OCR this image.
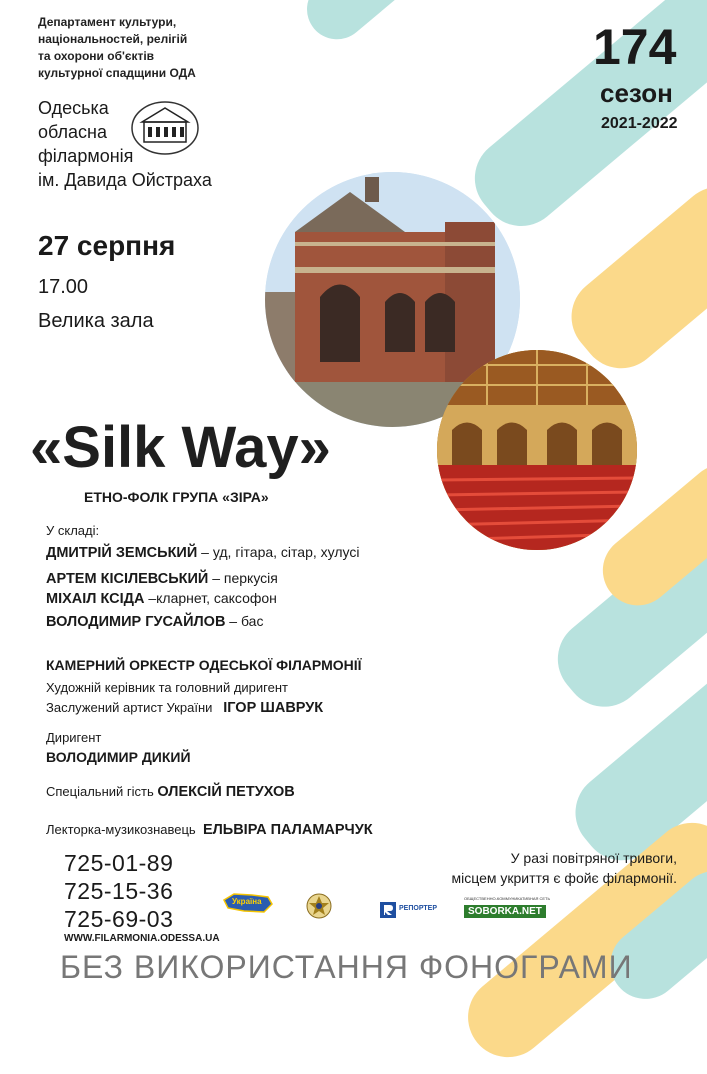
Департамент культури,
національностей, релігій
та охорони об'єктів
культурної спадщини ОДА
Одеська
обласна
філармонія
ім. Давида Ойстраха
174
сезон
2021-2022
27 серпня
17.00
Велика зала
«Silk Way»
ЕТНО-ФОЛК ГРУПА «ЗІРА»
У складі:
ДМИТРІЙ ЗЕМСЬКИЙ – уд, гітара, сітар, хулусі
АРТЕМ КІСІЛЕВСЬКИЙ – перкусія
МІХАІЛ КСІДА –кларнет, саксофон
ВОЛОДИМИР ГУСАЙЛОВ – бас
КАМЕРНИЙ ОРКЕСТР ОДЕСЬКОЇ ФІЛАРМОНІЇ
Художній керівник та головний диригент
Заслужений артист України ІГОР ШАВРУК
Диригент
ВОЛОДИМИР ДИКИЙ
Спеціальний гість ОЛЕКСІЙ ПЕТУХОВ
Лекторка-музикознавець ЕЛЬВІРА ПАЛАМАРЧУК
725-01-89
725-15-36
725-69-03
WWW.FILARMONIA.ODESSA.UA
У разі повітряної тривоги,
місцем укриття є фойє філармонії.
Україна
РЕПОРТЕР
ОБЩЕСТВЕННО-КОММУНИКАТИВНАЯ СЕТЬ
SOBORKA.NET
БЕЗ ВИКОРИСТАННЯ ФОНОГРАМИ
